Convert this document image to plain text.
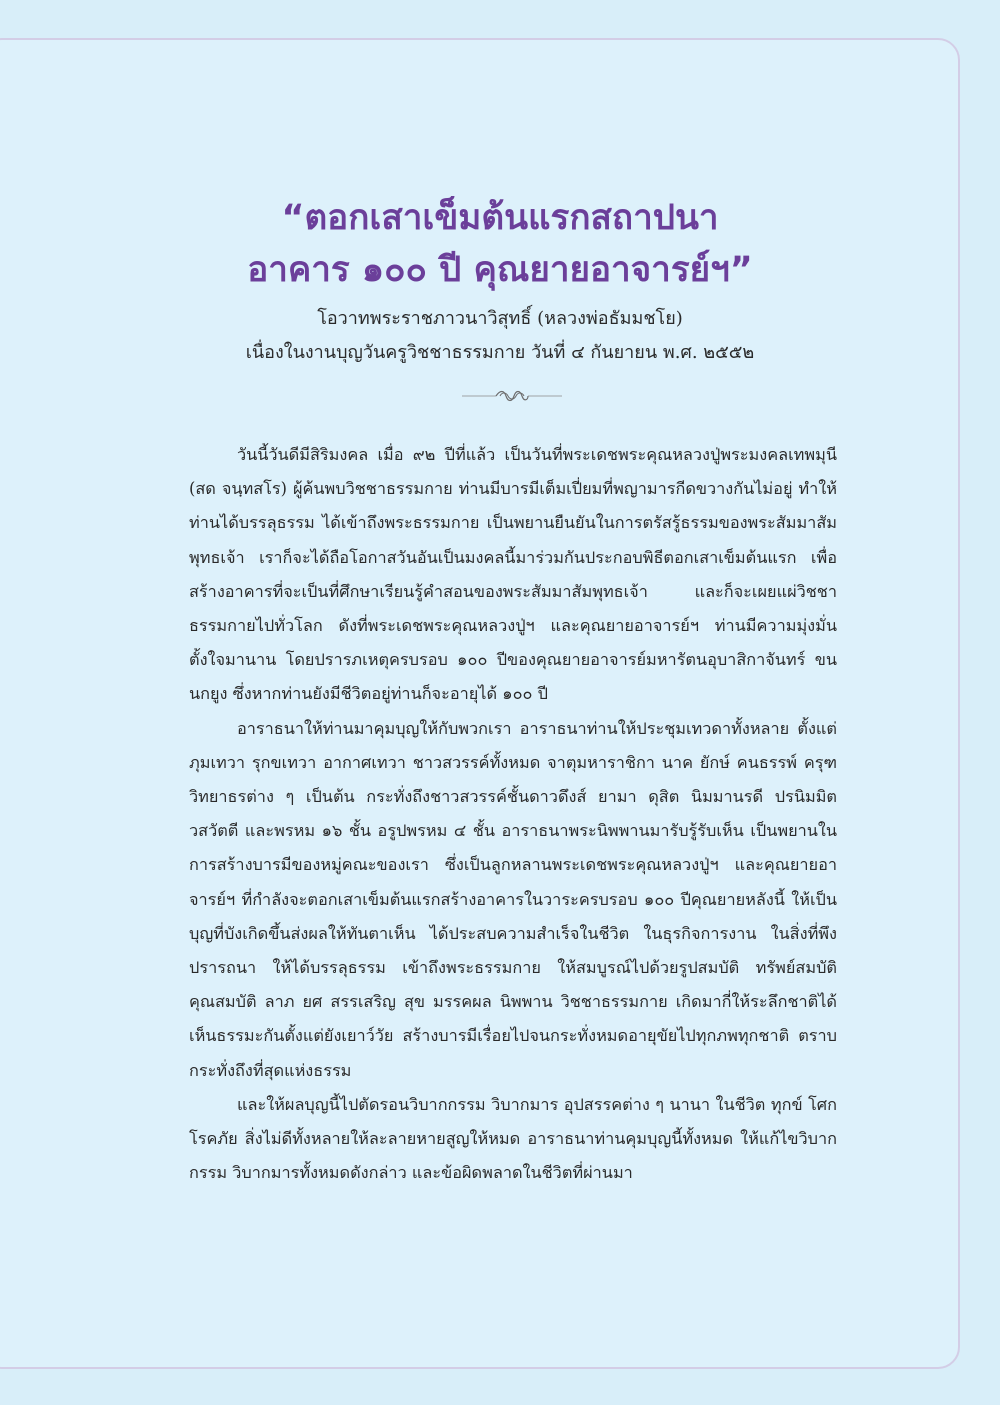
“ตอกเสาเข็มต้นแรกสถาปนา
อาคาร ๑๐๐ ปี คุณยายอาจารย์ฯ”
โอวาทพระราชภาวนาวิสุทธิ์ (หลวงพ่อธัมมชโย)
เนื่องในงานบุญวันครูวิชชาธรรมกาย วันที่ ๔ กันยายน พ.ศ. ๒๕๕๒

วันนี้วันดีมีสิริมงคล เมื่อ ๙๒ ปีที่แล้ว เป็นวันที่พระเดชพระคุณหลวงปู่พระมงคลเทพมุนี (สด จนฺทสโร) ผู้ค้นพบวิชชาธรรมกาย ท่านมีบารมีเต็มเปี่ยมที่พญามารกีดขวางกันไม่อยู่ ทำให้ท่านได้บรรลุธรรม ได้เข้าถึงพระธรรมกาย เป็นพยานยืนยันในการตรัสรู้ธรรมของพระสัมมาสัมพุทธเจ้า เราก็จะได้ถือโอกาสวันอันเป็นมงคลนี้มาร่วมกันประกอบพิธีตอกเสาเข็มต้นแรก เพื่อสร้างอาคารที่จะเป็นที่ศึกษาเรียนรู้คำสอนของพระสัมมาสัมพุทธเจ้า และก็จะเผยแผ่วิชชาธรรมกายไปทั่วโลก ดังที่พระเดชพระคุณหลวงปู่ฯ และคุณยายอาจารย์ฯ ท่านมีความมุ่งมั่นตั้งใจมานาน โดยปรารภเหตุครบรอบ ๑๐๐ ปีของคุณยายอาจารย์มหารัตนอุบาสิกาจันทร์ ขนนกยูง ซึ่งหากท่านยังมีชีวิตอยู่ท่านก็จะอายุได้ ๑๐๐ ปี

อาราธนาให้ท่านมาคุมบุญให้กับพวกเรา อาราธนาท่านให้ประชุมเทวดาทั้งหลาย ตั้งแต่ภุมเทวา รุกขเทวา อากาศเทวา ชาวสวรรค์ทั้งหมด จาตุมหาราชิกา นาค ยักษ์ คนธรรพ์ ครุฑ วิทยาธรต่าง ๆ เป็นต้น กระทั่งถึงชาวสวรรค์ชั้นดาวดึงส์ ยามา ดุสิต นิมมานรดี ปรนิมมิตวสวัตตี และพรหม ๑๖ ชั้น อรูปพรหม ๔ ชั้น อาราธนาพระนิพพานมารับรู้รับเห็น เป็นพยานในการสร้างบารมีของหมู่คณะของเรา ซึ่งเป็นลูกหลานพระเดชพระคุณหลวงปู่ฯ และคุณยายอาจารย์ฯ ที่กำลังจะตอกเสาเข็มต้นแรกสร้างอาคารในวาระครบรอบ ๑๐๐ ปีคุณยายหลังนี้ ให้เป็นบุญที่บังเกิดขึ้นส่งผลให้ทันตาเห็น ได้ประสบความสำเร็จในชีวิต ในธุรกิจการงาน ในสิ่งที่พึงปรารถนา ให้ได้บรรลุธรรม เข้าถึงพระธรรมกาย ให้สมบูรณ์ไปด้วยรูปสมบัติ ทรัพย์สมบัติ คุณสมบัติ ลาภ ยศ สรรเสริญ สุข มรรคผล นิพพาน วิชชาธรรมกาย เกิดมากี่ให้ระลึกชาติได้ เห็นธรรมะกันตั้งแต่ยังเยาว์วัย สร้างบารมีเรื่อยไปจนกระทั่งหมดอายุขัยไปทุกภพทุกชาติ ตราบกระทั่งถึงที่สุดแห่งธรรม

และให้ผลบุญนี้ไปตัดรอนวิบากกรรม วิบากมาร อุปสรรคต่าง ๆ นานา ในชีวิต ทุกข์ โศก โรคภัย สิ่งไม่ดีทั้งหลายให้ละลายหายสูญให้หมด อาราธนาท่านคุมบุญนี้ทั้งหมด ให้แก้ไขวิบากกรรม วิบากมารทั้งหมดดังกล่าว และข้อผิดพลาดในชีวิตที่ผ่านมา
